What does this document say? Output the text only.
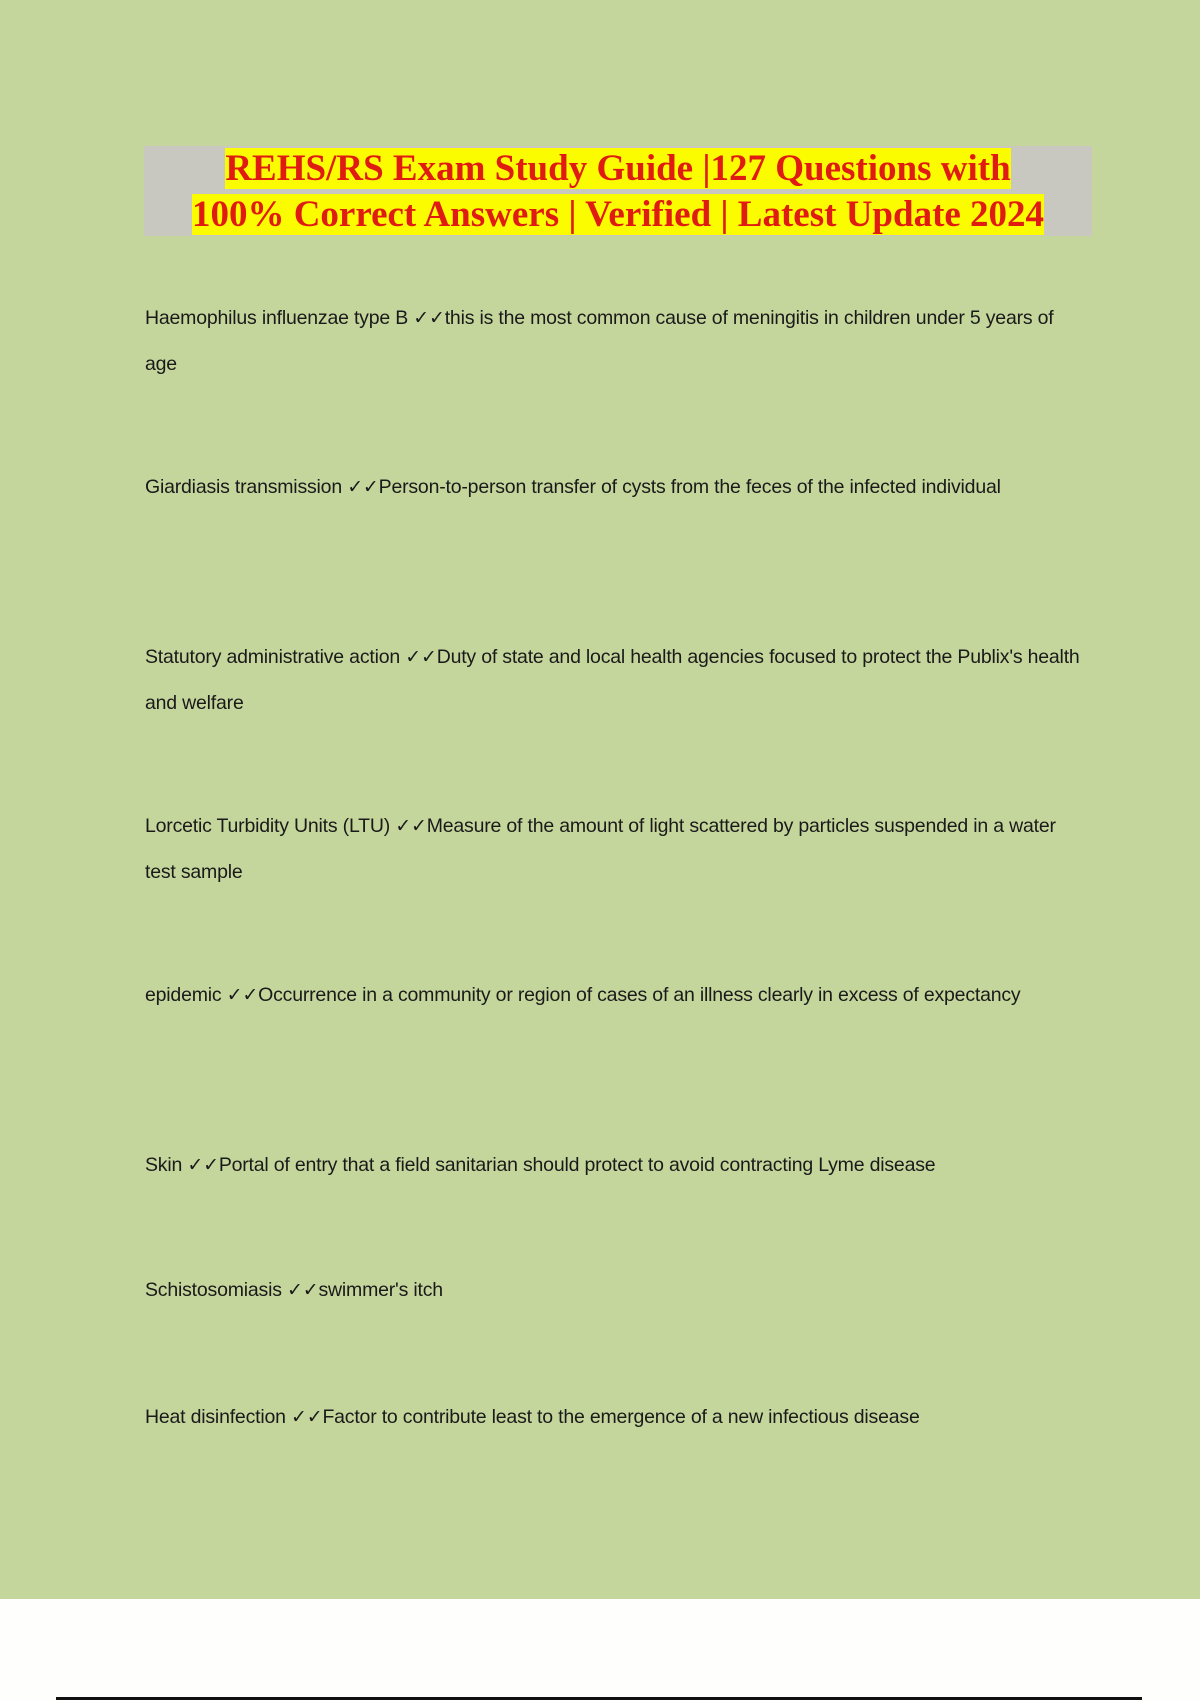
REHS/RS Exam Study Guide |127 Questions with
100% Correct Answers | Verified | Latest Update 2024
Haemophilus influenzae type B ✓✓this is the most common cause of meningitis in children under 5 years of age
Giardiasis transmission ✓✓Person-to-person transfer of cysts from the feces of the infected individual
Statutory administrative action ✓✓Duty of state and local health agencies focused to protect the Publix's health and welfare
Lorcetic Turbidity Units (LTU) ✓✓Measure of the amount of light scattered by particles suspended in a water test sample
epidemic ✓✓Occurrence in a community or region of cases of an illness clearly in excess of expectancy
Skin ✓✓Portal of entry that a field sanitarian should protect to avoid contracting Lyme disease
Schistosomiasis ✓✓swimmer's itch
Heat disinfection ✓✓Factor to contribute least to the emergence of a new infectious disease
